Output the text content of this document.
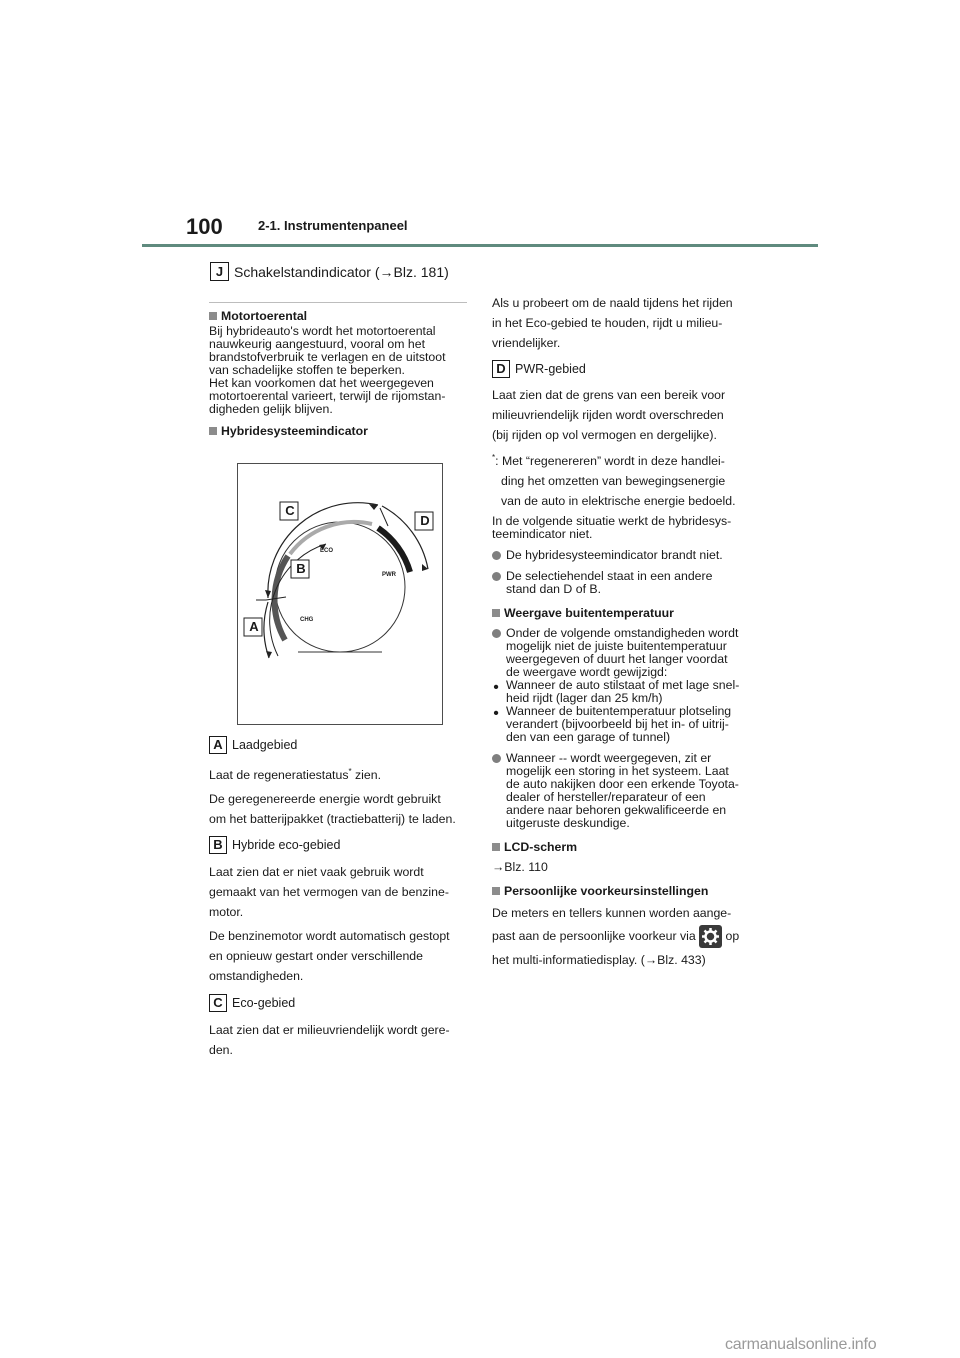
100	2-1. Instrumentenpaneel
J Schakelstandindicator (→Blz. 181)
Motortoerental

Bij hybrideauto's wordt het motortoerental

nauwkeurig aangestuurd, vooral om het

brandstofverbruik te verlagen en de uitstoot

van schadelijke stoffen te beperken.

Het kan voorkomen dat het weergegeven

motortoerental varieert, terwijl de rijomstan-

digheden gelijk blijven.

Hybridesysteemindicator
C
D
B
A
ECO
PWR
CHG
A Laadgebied

Laat de regeneratiestatus* zien.

De geregenereerde energie wordt gebruikt

om het batterijpakket (tractiebatterij) te laden.

B Hybride eco-gebied

Laat zien dat er niet vaak gebruik wordt

gemaakt van het vermogen van de benzine-

motor.

De benzinemotor wordt automatisch gestopt

en opnieuw gestart onder verschillende

omstandigheden.

C Eco-gebied

Laat zien dat er milieuvriendelijk wordt gere-

den.

Als u probeert om de naald tijdens het rijden

in het Eco-gebied te houden, rijdt u milieu-

vriendelijker.

D PWR-gebied

Laat zien dat de grens van een bereik voor

milieuvriendelijk rijden wordt overschreden

(bij rijden op vol vermogen en dergelijke).

*: Met “regenereren” wordt in deze handlei-

ding het omzetten van bewegingsenergie

van de auto in elektrische energie bedoeld.

In de volgende situatie werkt de hybridesys-

teemindicator niet.

De hybridesysteemindicator brandt niet.

De selectiehendel staat in een andere

stand dan D of B.

Weergave buitentemperatuur

Onder de volgende omstandigheden wordt

mogelijk niet de juiste buitentemperatuur

weergegeven of duurt het langer voordat

de weergave wordt gewijzigd:

• Wanneer de auto stilstaat of met lage snel-

heid rijdt (lager dan 25 km/h)

• Wanneer de buitentemperatuur plotseling

verandert (bijvoorbeeld bij het in- of uitrij-

den van een garage of tunnel)

Wanneer -- wordt weergegeven, zit er

mogelijk een storing in het systeem. Laat

de auto nakijken door een erkende Toyota-

dealer of hersteller/reparateur of een

andere naar behoren gekwalificeerde en

uitgeruste deskundige.

LCD-scherm

→Blz. 110

Persoonlijke voorkeursinstellingen

De meters en tellers kunnen worden aange-

past aan de persoonlijke voorkeur via
op

het multi-informatiedisplay. (→Blz. 433)

carmanualsonline.info
